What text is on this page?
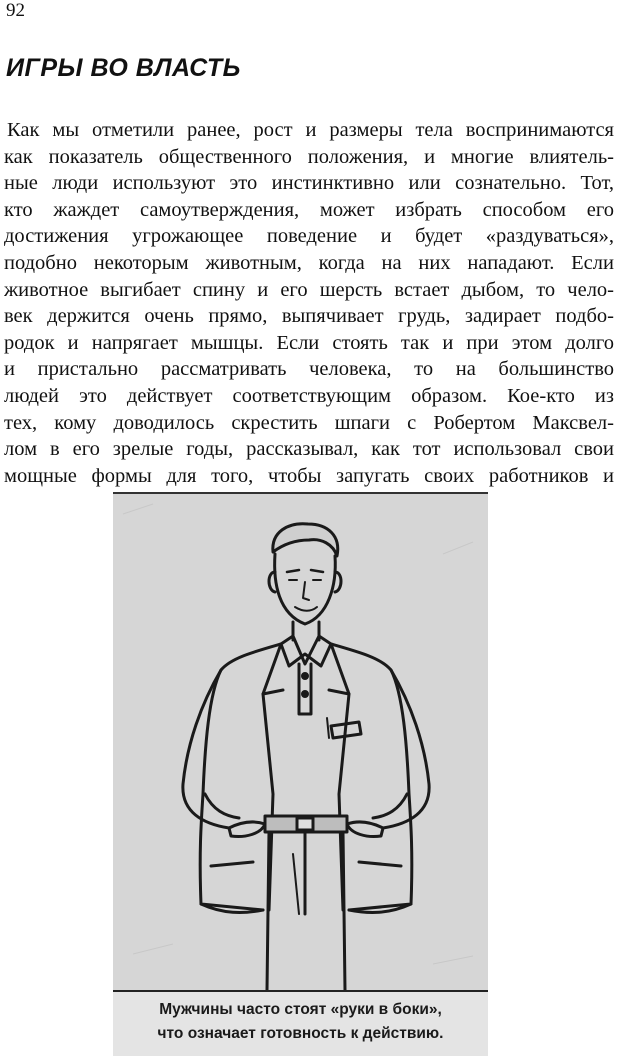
92
ИГРЫ ВО ВЛАСТЬ
Как мы отметили ранее, рост и размеры тела воспринимаются
как показатель общественного положения, и многие влиятель-
ные люди используют это инстинктивно или сознательно. Тот,
кто жаждет самоутверждения, может избрать способом его
достижения угрожающее поведение и будет «раздуваться»,
подобно некоторым животным, когда на них нападают. Если
животное выгибает спину и его шерсть встает дыбом, то чело-
век держится очень прямо, выпячивает грудь, задирает подбо-
родок и напрягает мышцы. Если стоять так и при этом долго
и пристально рассматривать человека, то на большинство
людей это действует соответствующим образом. Кое-кто из
тех, кому доводилось скрестить шпаги с Робертом Максвел-
лом в его зрелые годы, рассказывал, как тот использовал свои
мощные формы для того, чтобы запугать своих работников и
Мужчины часто стоят «руки в боки»,
что означает готовность к действию.
